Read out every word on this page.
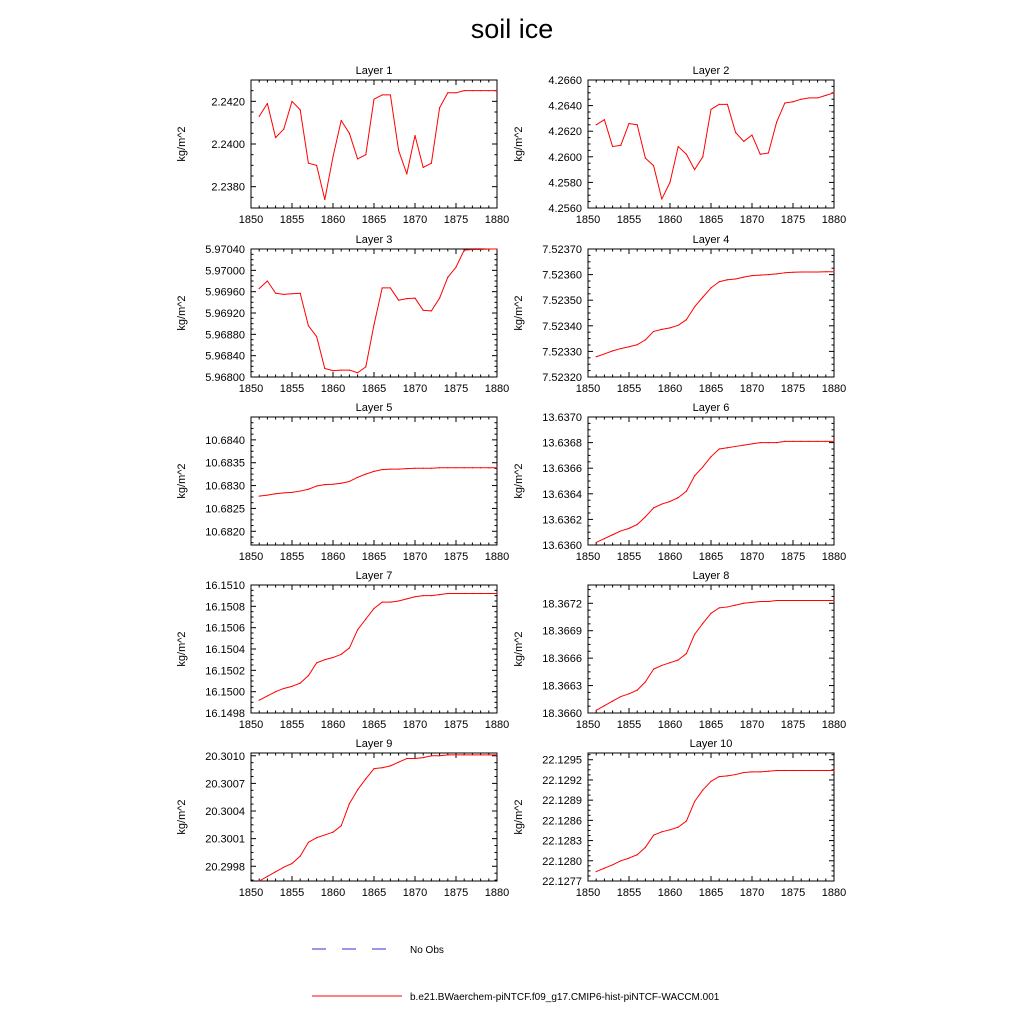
soil ice
Layer 1
kg/m^2
1850 1855 1860 1865 1870 1875 1880
2.2380
2.2400
2.2420
Layer 2
kg/m^2
1850 1855 1860 1865 1870 1875 1880
4.2560
4.2580
4.2600
4.2620
4.2640
4.2660
Layer 3
kg/m^2
1850 1855 1860 1865 1870 1875 1880
5.96800
5.96840
5.96880
5.96920
5.96960
5.97000
5.97040
Layer 4
kg/m^2
1850 1855 1860 1865 1870 1875 1880
7.52320
7.52330
7.52340
7.52350
7.52360
7.52370
Layer 5
kg/m^2
1850 1855 1860 1865 1870 1875 1880
10.6820
10.6825
10.6830
10.6835
10.6840
Layer 6
kg/m^2
1850 1855 1860 1865 1870 1875 1880
13.6360
13.6362
13.6364
13.6366
13.6368
13.6370
Layer 7
kg/m^2
1850 1855 1860 1865 1870 1875 1880
16.1498
16.1500
16.1502
16.1504
16.1506
16.1508
16.1510
Layer 8
kg/m^2
1850 1855 1860 1865 1870 1875 1880
18.3660
18.3663
18.3666
18.3669
18.3672
Layer 9
kg/m^2
1850 1855 1860 1865 1870 1875 1880
20.2998
20.3001
20.3004
20.3007
20.3010
Layer 10
kg/m^2
1850 1855 1860 1865 1870 1875 1880
22.1277
22.1280
22.1283
22.1286
22.1289
22.1292
22.1295
No Obs
b.e21.BWaerchem-piNTCF.f09_g17.CMIP6-hist-piNTCF-WACCM.001
